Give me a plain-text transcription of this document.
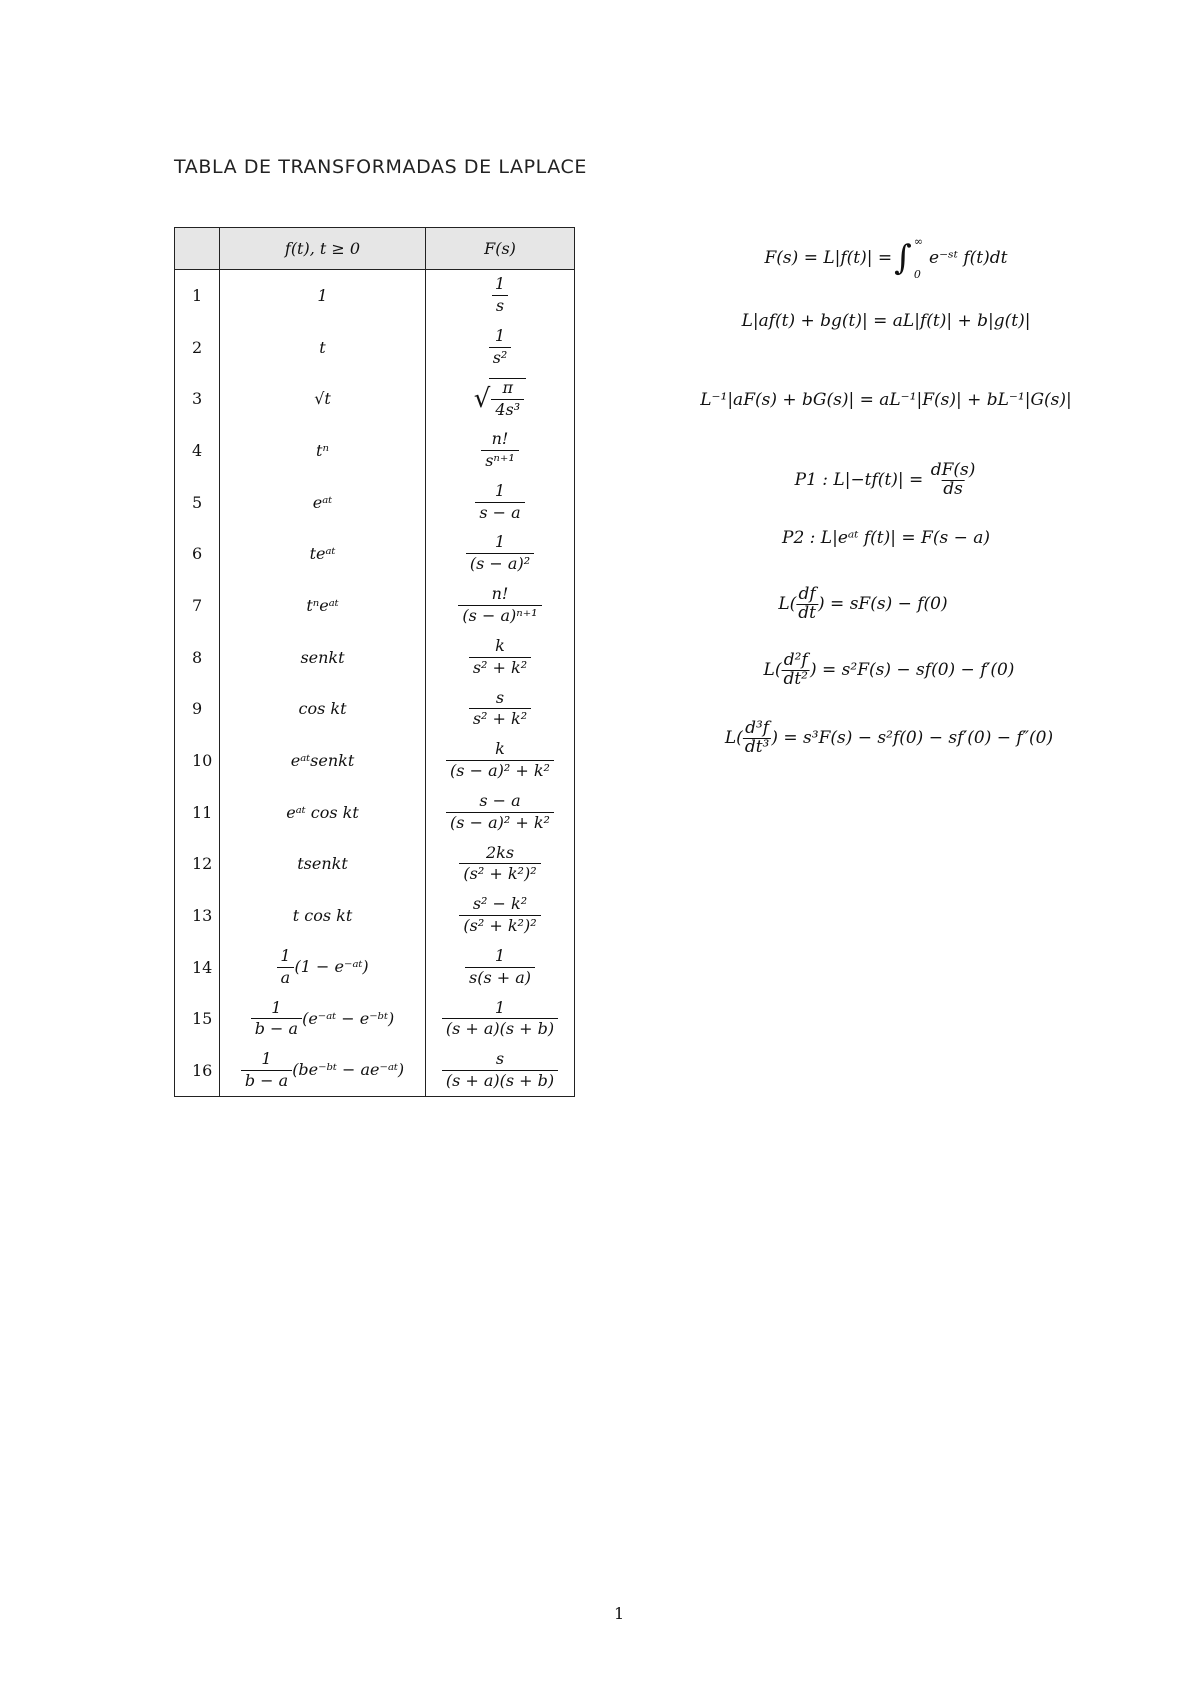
TABLA DE TRANSFORMADAS DE LAPLACE
	f(t), t ≥ 0	F(s)
1	1	$\frac{1}{s}$

2	t	$\frac{1}{\text{s²}}$

3	√t	√ $\frac{\pi}{\text{4s³}}$

4	tⁿ	$\frac{n!}{\text{sⁿ⁺¹}}$

5	eᵃᵗ	$\frac{1}{s - a}$

6	teᵃᵗ	$\frac{1}{\text{(s − a)²}}$

7	tⁿeᵃᵗ	$\frac{n!}{\text{(s − a)ⁿ⁺¹}}$

8	senkt	$\frac{k}{\text{s² + k²}}$

9	cos kt	$\frac{s}{\text{s² + k²}}$

10	eᵃᵗsenkt	$\frac{k}{\text{(s − a)² + k²}}$

11	eᵃᵗ cos kt	$\frac{s - a}{\text{(s − a)² + k²}}$

12	tsenkt	$\frac{2ks}{\text{(s² + k²)²}}$

13	t cos kt	$\frac{\text{s² − k²}}{\text{(s² + k²)²}}$

14	$\frac{1}{a} (1$ − e⁻ᵃᵗ)	$\frac{1}{s(s + a)}$

15	$\frac{1}{b - a}$ (e⁻ᵃᵗ − e⁻ᵇᵗ)	$\frac{1}{(s + a)(s + b)}$

16	$\frac{1}{b - a}$ (be⁻ᵇᵗ − ae⁻ᵃᵗ)	$\frac{s}{(s + a)(s + b)}$
F(s) = L|f(t)| = ∫ ∞
0
e⁻ˢᵗ f(t)dt
L|af(t) + bg(t)| = aL|f(t)| + b|g(t)|
L⁻¹|aF(s) + bG(s)| = aL⁻¹|F(s)| + bL⁻¹|G(s)|
P1 : $L|-tf(t)| = \frac{dF(s)}{ds}$
P2 : L|eᵃᵗ f(t)| = F(s − a)
$L( \frac{df}{dt}$ ) = sF(s) − f(0)
$L( \frac{\text{d²f}}{\text{dt²}}$ ) = s²F(s) − sf(0) − f′(0)
$L( \frac{\text{d³f}}{\text{dt³}}$ ) = s³F(s) − s²f(0) − sf′(0) − f″(0)
1
